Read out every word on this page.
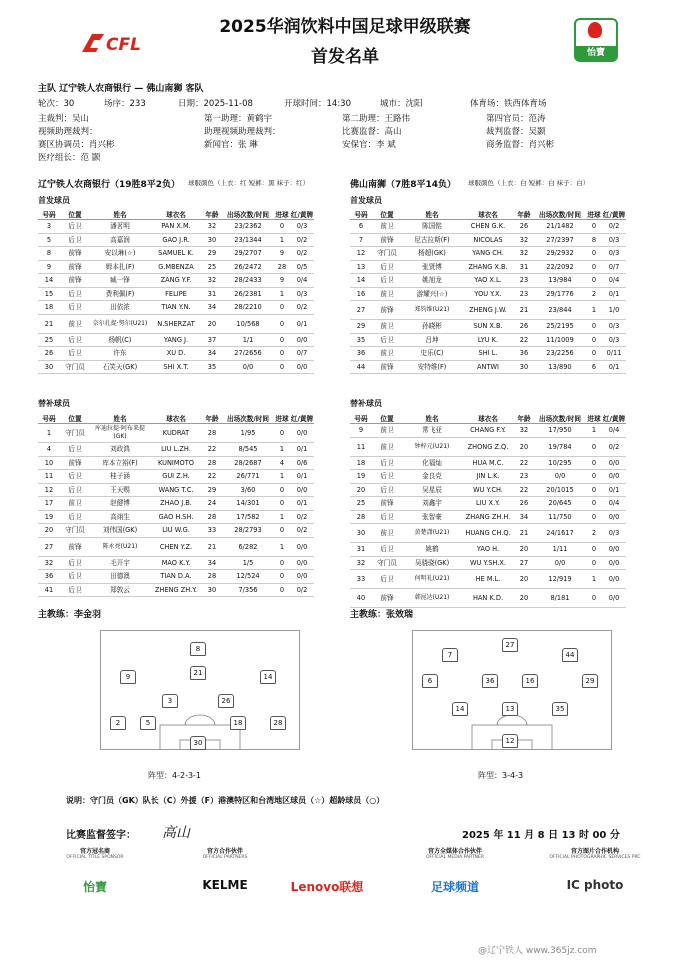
CFL
2025华润饮料中国足球甲级联赛
首发名单	怡寶
主队 辽宁铁人农商银行 — 佛山南狮 客队
轮次：30	场序：233	日期：2025-11-08	开球时间：14:30	城市：沈阳	体育场：铁西体育场
主裁判：吴山	第一助理：黄鹤宇	第二助理：王路伟	第四官员：范涛
视频助理裁判：	助理视频助理裁判：	比赛监督：高山	裁判监督：吴颢
赛区协调员：肖兴彬	新闻官：张 琳	安保官：李 斌	商务监督：肖兴彬
医疗组长：范 颢
辽宁铁人农商银行（19胜8平2负） 球服颜色（上衣：红 短裤：黑 袜子：红）	佛山南狮（7胜8平14负） 球服颜色（上衣：白 短裤：白 袜子：白）
首发球员	首发球员
号码	位置	姓名	球衣名	年龄	出场次数/时间	进球	红/黄牌
3	后卫	潘茗明	PAN X.M.	32	23/2362	0	0/3
5	后卫	高嘉润	GAO J.R.	30	23/1344	1	0/2
8	前锋	安以琳(☆)	SAMUEL K.	29	29/2707	9	0/2
9	前锋	姆本扎(F)	G.MBENZA	25	26/2472	28	0/5
14	前锋	臧一锋	ZANG Y.F.	32	28/2433	9	0/4
15	后卫	费利佩(F)	FELIPE	31	26/2381	1	0/3
18	后卫	田依浓	TIAN Y.N.	34	28/2210	0	0/2
21	前卫	奈尔扎提·努尔(U21)	N.SHERZAT	20	10/568	0	0/1
25	后卫	杨帆(C)	YANG J.	37	1/1	0	0/0
26	后卫	许东	XU D.	34	27/2656	0	0/7
30	守门员	石笑天(GK)	SHI X.T.	35	0/0	0	0/0
号码	位置	姓名	球衣名	年龄	出场次数/时间	进球	红/黄牌
6	前卫	陈国铭	CHEN G.K.	26	21/1482	0	0/2
7	前锋	尼古拉斯(F)	NICOLAS	32	27/2397	8	0/3
12	守门员	杨超(GK)	YANG CH.	32	29/2932	0	0/3
13	后卫	张贤博	ZHANG X.B.	31	22/2092	0	0/7
14	后卫	姚旭龙	YAO X.L.	23	13/984	0	0/4
16	前卫	游耀兴(☆)	YOU Y.X.	23	29/1776	2	0/1
27	前锋	郑钧维(U21)	ZHENG J.W.	21	23/844	1	1/0
29	前卫	孙晓彬	SUN X.B.	26	25/2195	0	0/3
35	后卫	吕坤	LYU K.	22	11/1009	0	0/3
36	前卫	史乐(C)	SHI L.	36	23/2256	0	0/11
44	前锋	安特维(F)	ANTWI	30	13/890	6	0/1
替补球员	替补球员
号码	位置	姓名	球衣名	年龄	出场次数/时间	进球	红/黄牌
1	守门员	库迪拉提·阿布来提(GK)	KUDRAT	28	1/95	0	0/0
4	后卫	刘政鸿	LIU L.ZH.	22	8/545	1	0/1
10	前锋	库本立裕(F)	KUNIMOTO	28	28/2687	4	0/6
11	后卫	桂子涵	GUI Z.H.	22	26/771	1	0/1
12	后卫	王天赐	WANG T.C.	29	3/60	0	0/0
17	前卫	赵健博	ZHAO J.B.	24	14/301	0	0/1
19	后卫	高翊生	GAO H.SH.	28	17/582	1	0/2
20	守门员	刘伟国(GK)	LIU W.G.	33	28/2793	0	0/2
27	前锋	陈永亮(U21)	CHEN Y.Z.	21	6/282	1	0/0
32	后卫	毛开宇	MAO K.Y.	34	1/5	0	0/0
36	后卫	田德澳	TIAN D.A.	28	12/524	0	0/0
41	后卫	郑敦云	ZHENG ZH.Y.	30	7/356	0	0/2
号码	位置	姓名	球衣名	年龄	出场次数/时间	进球	红/黄牌
9	前卫	常飞亚	CHANG F.Y.	32	17/950	1	0/4
11	前卫	钟梓元(U21)	ZHONG Z.Q.	20	19/784	0	0/2
18	后卫	化福灿	HUA M.C.	22	10/295	0	0/0
19	后卫	金良克	JIN L.K.	23	0/0	0	0/0
20	后卫	吴星辰	WU Y.CH.	22	20/1015	0	0/1
25	前锋	刘鑫宇	LIU X.Y.	26	20/645	0	0/4
28	后卫	张智豪	ZHANG ZH.H.	34	11/750	0	0/0
30	前卫	黄楚潇(U21)	HUANG CH.Q.	21	24/1617	2	0/3
31	后卫	姚鹤	YAO H.	20	1/11	0	0/0
32	守门员	吴骁骁(GK)	WU Y.SH.X.	27	0/0	0	0/0
33	后卫	何明礼(U21)	HE M.L.	20	12/919	1	0/0
40	前锋	韩昆达(U21)	HAN K.D.	20	8/181	0	0/0
主教练：李金羽	主教练：张效瑞
30
2	5	18	28
3	26
9	21	14
8	27
7	44
6	36	16	29
14	13	35
12
阵型：4-2-3-1	阵型：3-4-3
说明：守门员（GK）队长（C）外援（F）港澳特区和台湾地区球员（☆）超龄球员（○）
比赛监督签字： 高山	2025 年 11 月 8 日 13 时 00 分
官方冠名商
OFFICIAL TITLE SPONSOR
怡寶
官方合作伙伴
OFFICIAL PARTNERS
KELME	Lenovo联想
官方全媒体合作伙伴
OFFICIAL MEDIA PARTNER
足球频道
官方图片合作机构
OFFICIAL PHOTOGRAPHIC SERVICES PRC
IC photo
@辽宁铁人 www.365jz.com
